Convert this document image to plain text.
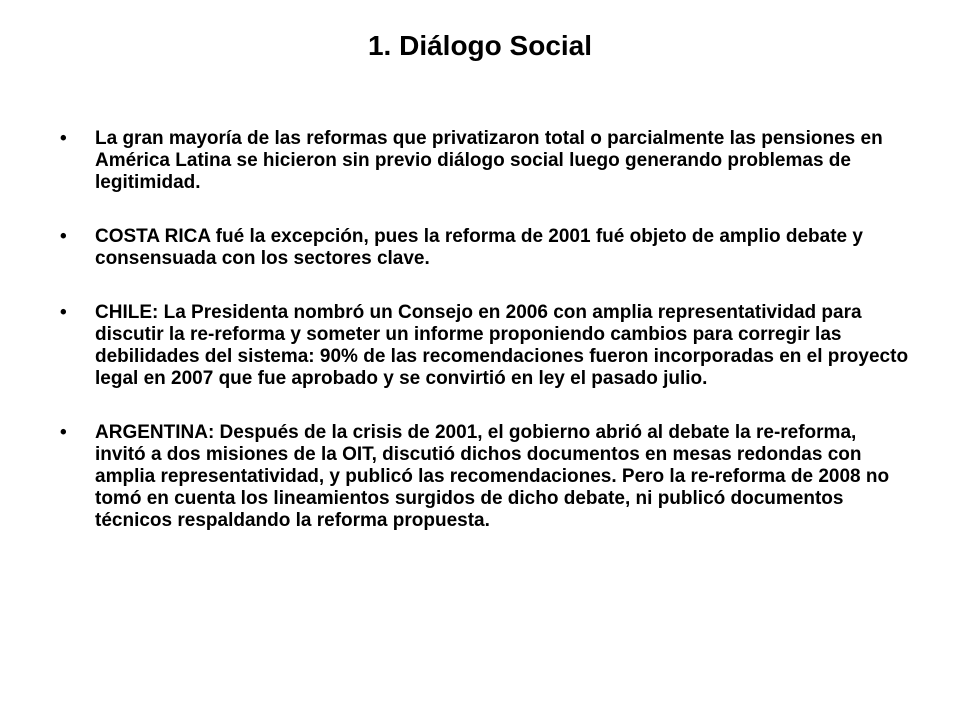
1. Diálogo Social
•	La gran mayoría de las reformas que privatizaron total o parcialmente las pensiones en América Latina se hicieron sin previo diálogo social luego generando problemas de legitimidad.
•	COSTA RICA fué la excepción, pues la reforma de 2001 fué objeto de amplio debate y consensuada con los sectores clave.
•	CHILE: La Presidenta nombró un Consejo en 2006 con amplia representatividad para discutir la re-reforma y someter un informe proponiendo cambios para corregir las debilidades del sistema: 90% de las recomendaciones fueron incorporadas en el proyecto legal en 2007 que fue aprobado y se convirtió en ley el pasado julio.
•	ARGENTINA: Después de la crisis de 2001, el gobierno abrió al debate la re-reforma, invitó a dos misiones de la OIT, discutió dichos documentos en mesas redondas con amplia representatividad, y publicó las recomendaciones. Pero la re-reforma de 2008 no tomó en cuenta los lineamientos surgidos de dicho debate, ni publicó documentos técnicos respaldando la reforma propuesta.
